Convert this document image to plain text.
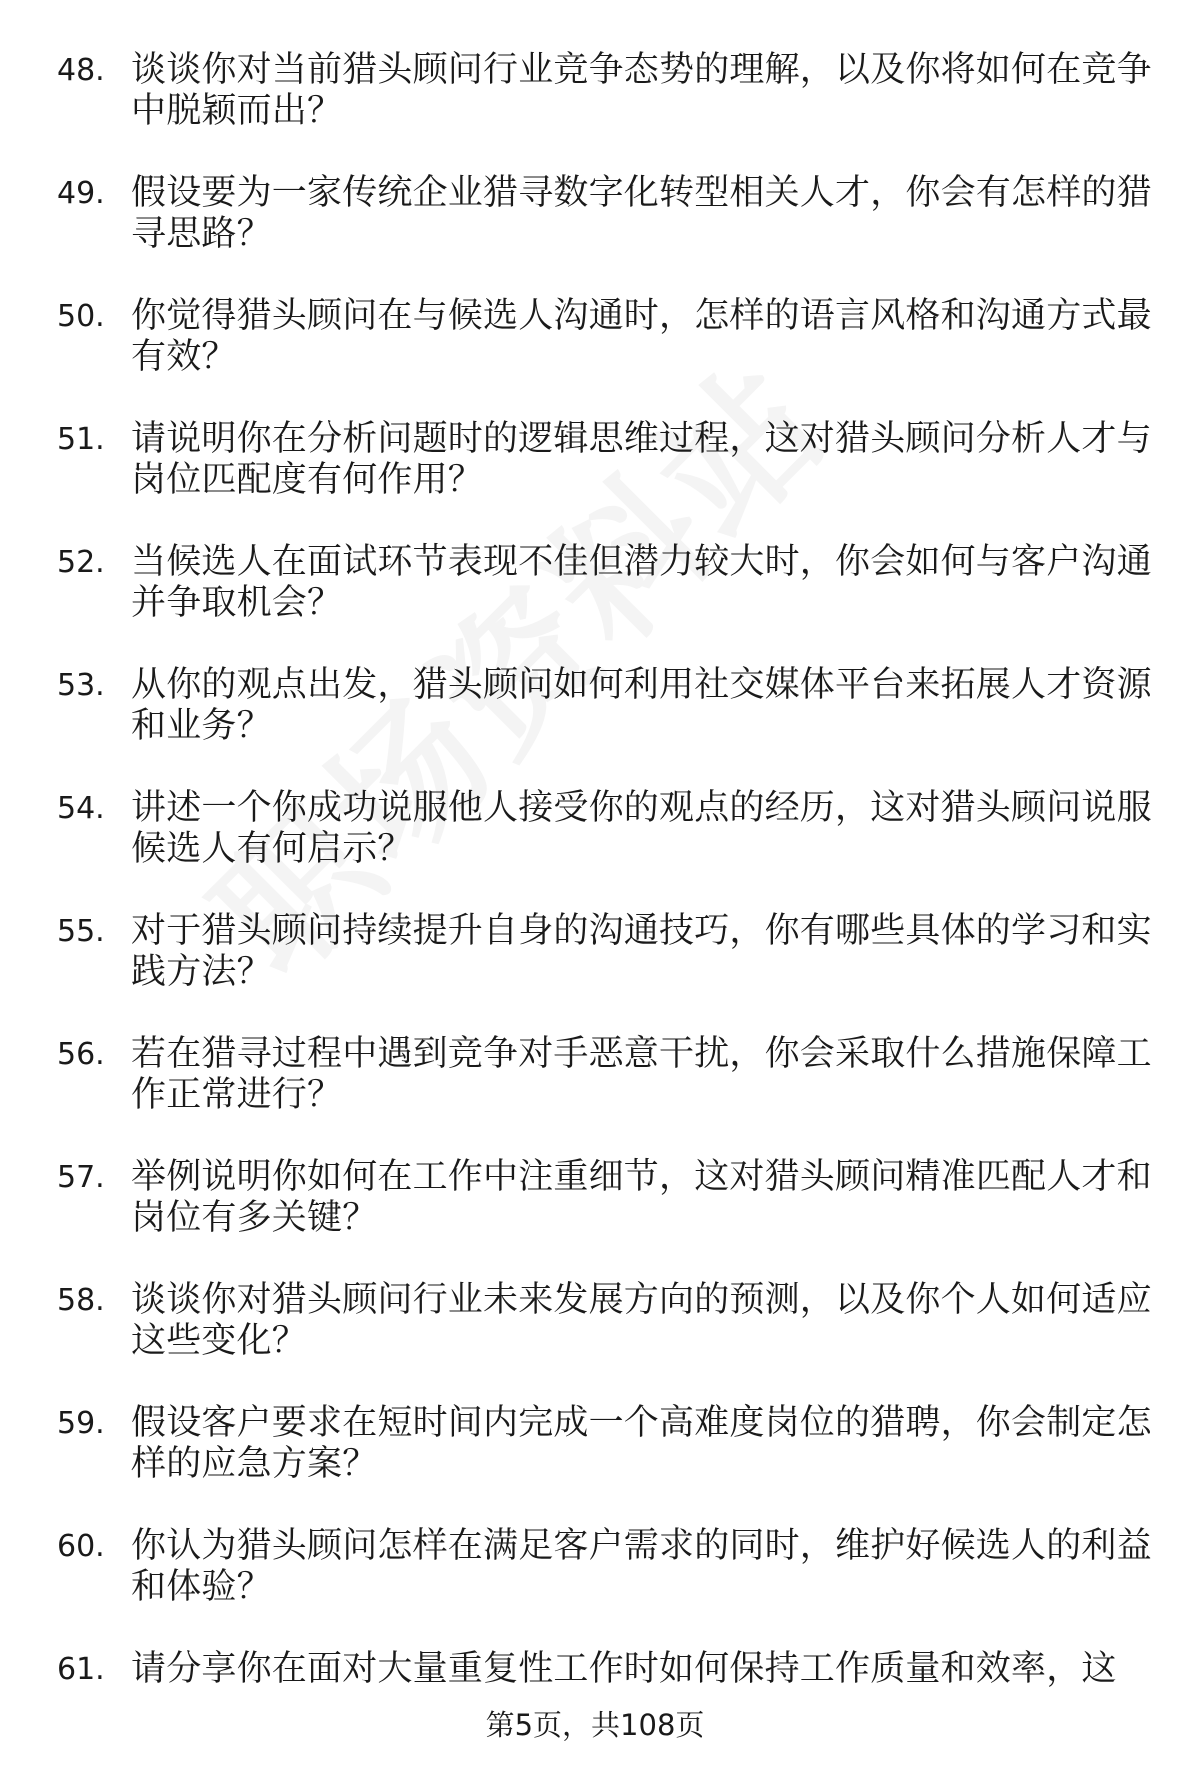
48. 谈谈你对当前猎头顾问行业竞争态势的理解，以及你将如何在竞争中脱颖而出？
49. 假设要为一家传统企业猎寻数字化转型相关人才，你会有怎样的猎寻思路？
50. 你觉得猎头顾问在与候选人沟通时，怎样的语言风格和沟通方式最有效？
51. 请说明你在分析问题时的逻辑思维过程，这对猎头顾问分析人才与岗位匹配度有何作用？
52. 当候选人在面试环节表现不佳但潜力较大时，你会如何与客户沟通并争取机会？
53. 从你的观点出发，猎头顾问如何利用社交媒体平台来拓展人才资源和业务？
54. 讲述一个你成功说服他人接受你的观点的经历，这对猎头顾问说服候选人有何启示？
55. 对于猎头顾问持续提升自身的沟通技巧，你有哪些具体的学习和实践方法？
56. 若在猎寻过程中遇到竞争对手恶意干扰，你会采取什么措施保障工作正常进行？
57. 举例说明你如何在工作中注重细节，这对猎头顾问精准匹配人才和岗位有多关键？
58. 谈谈你对猎头顾问行业未来发展方向的预测，以及你个人如何适应这些变化？
59. 假设客户要求在短时间内完成一个高难度岗位的猎聘，你会制定怎样的应急方案？
60. 你认为猎头顾问怎样在满足客户需求的同时，维护好候选人的利益和体验？
61. 请分享你在面对大量重复性工作时如何保持工作质量和效率，这
第5页，共108页
